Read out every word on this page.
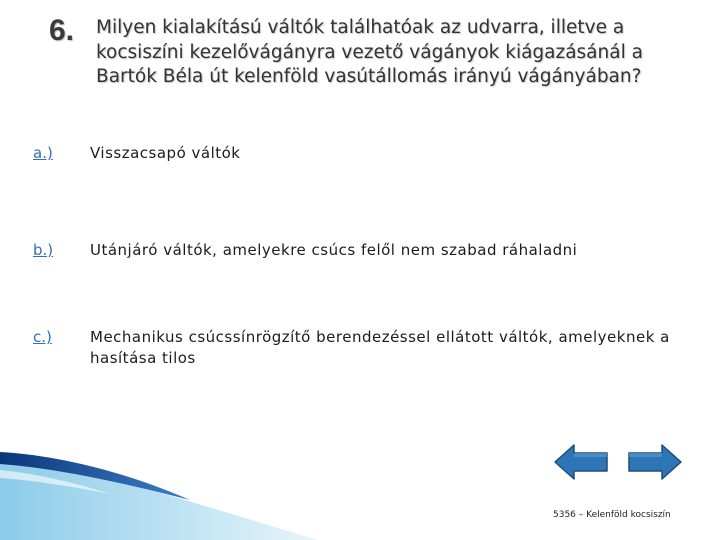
6. Milyen kialakítású váltók találhatóak az udvarra, illetve a kocsiszíni kezelővágányra vezető vágányok kiágazásánál a Bartók Béla út kelenföld vasútállomás irányú vágányában?
a.) Visszacsapó váltók
b.) Utánjáró váltók, amelyekre csúcs felől nem szabad ráhaladni
c.)	Mechanikus csúcssínrögzítő berendezéssel ellátott váltók, amelyeknek a hasítása tilos
5356 – Kelenföld kocsiszín
